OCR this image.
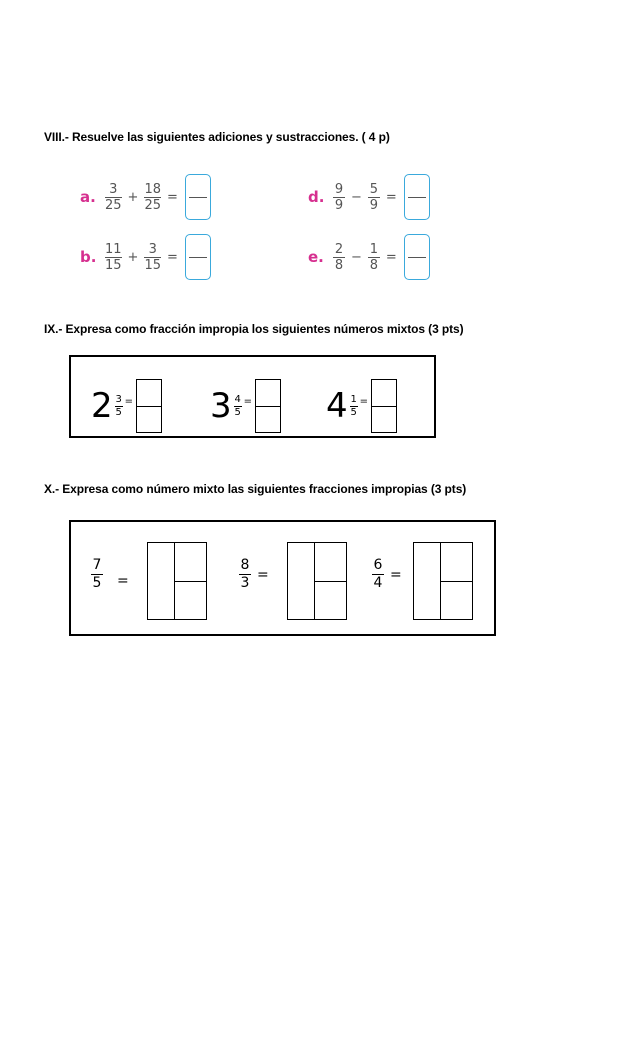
VIII.- Resuelve las siguientes adiciones y sustracciones. ( 4 p)
a.	3
25
+
18
25
=
b. 11
15
+
3
15
=
d. 9
9
−
5
9
=
e. 2
8
−
1
8
=
IX.- Expresa como fracción impropia los siguientes números mixtos (3 pts)
2 3
5
= 3 4
5
= 4 1
5
=
X.- Expresa como número mixto las siguientes fracciones impropias (3 pts)
7
5 =
8
3
=
6
4
=
